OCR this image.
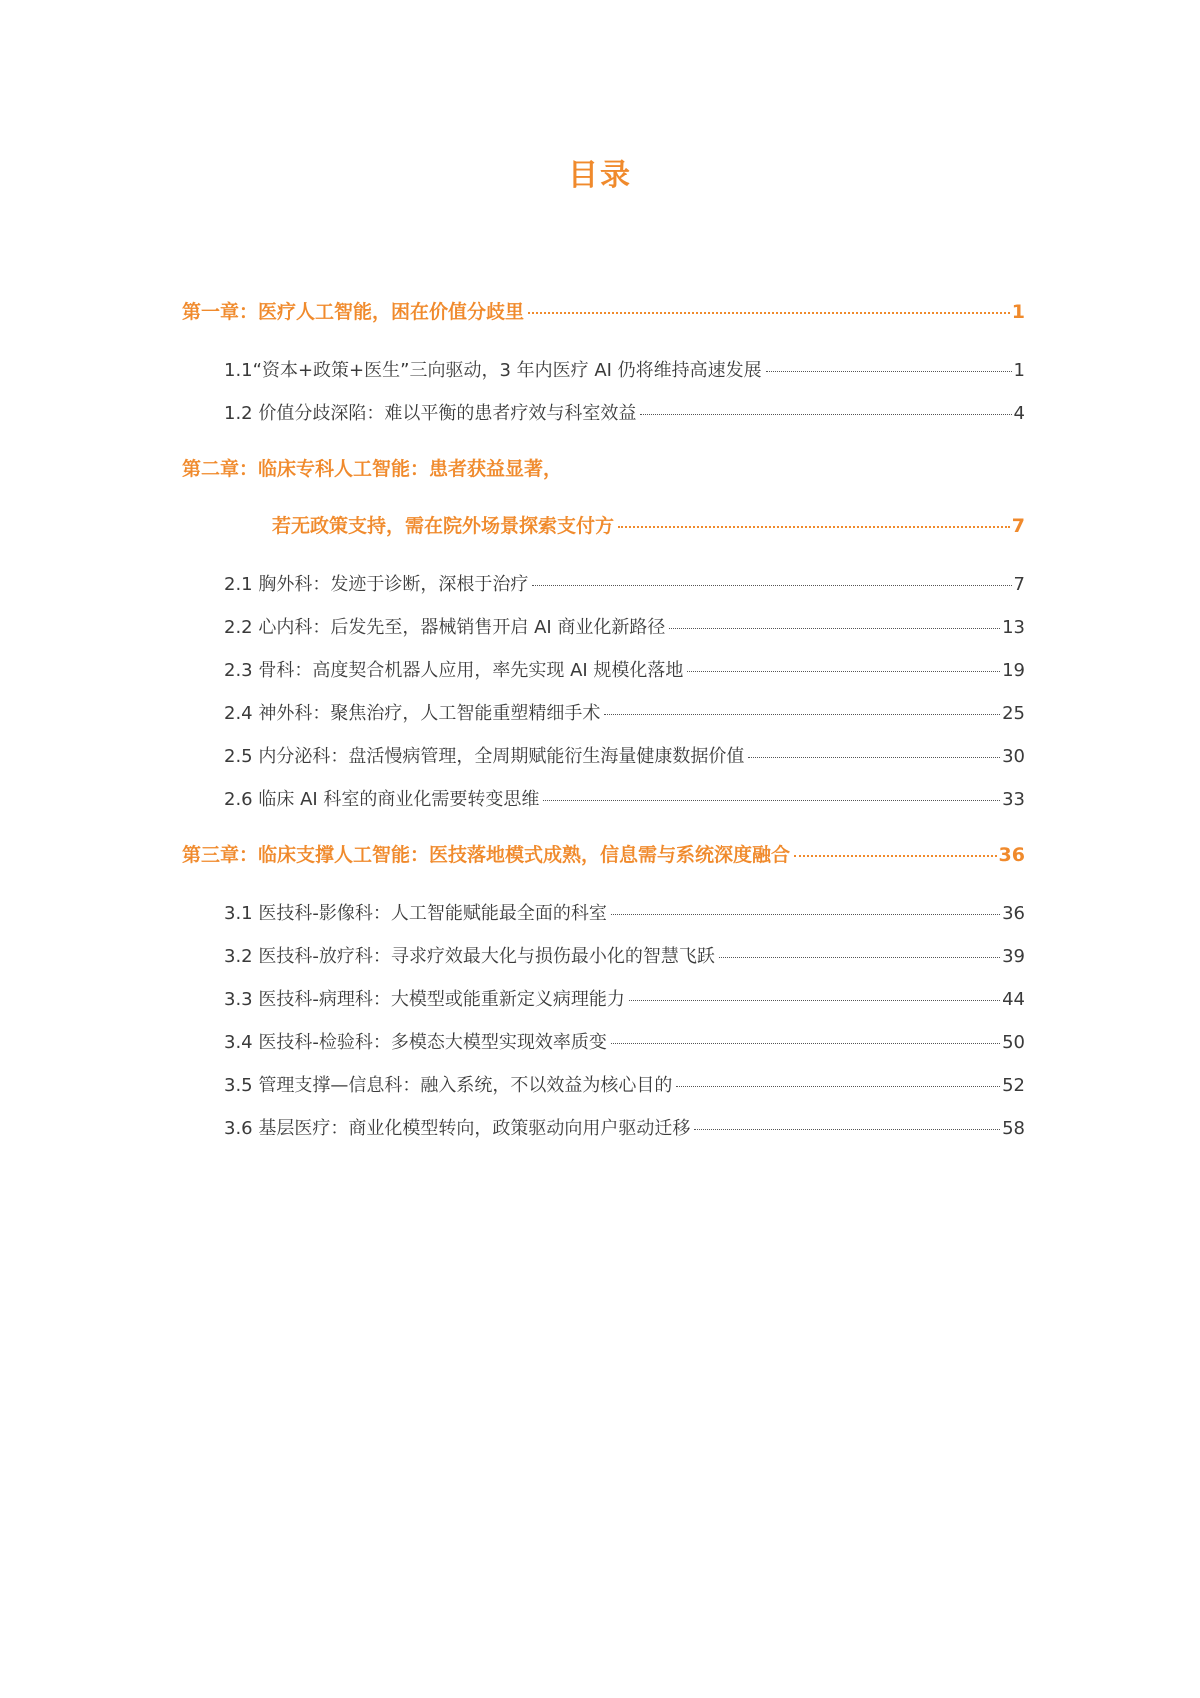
目录
第一章：医疗人工智能，困在价值分歧里	1
1.1“资本+政策+医生”三向驱动，3 年内医疗 AI 仍将维持高速发展	1
1.2 价值分歧深陷：难以平衡的患者疗效与科室效益	4
第二章：临床专科人工智能：患者获益显著，
若无政策支持，需在院外场景探索支付方	7
2.1 胸外科：发迹于诊断，深根于治疗	7
2.2 心内科：后发先至，器械销售开启 AI 商业化新路径	13
2.3 骨科：高度契合机器人应用，率先实现 AI 规模化落地	19
2.4 神外科：聚焦治疗，人工智能重塑精细手术	25
2.5 内分泌科：盘活慢病管理，全周期赋能衍生海量健康数据价值	30
2.6 临床 AI 科室的商业化需要转变思维	33
第三章：临床支撑人工智能：医技落地模式成熟，信息需与系统深度融合	36
3.1 医技科-影像科：人工智能赋能最全面的科室	36
3.2 医技科-放疗科：寻求疗效最大化与损伤最小化的智慧飞跃	39
3.3 医技科-病理科：大模型或能重新定义病理能力	44
3.4 医技科-检验科：多模态大模型实现效率质变	50
3.5 管理支撑—信息科：融入系统，不以效益为核心目的	52
3.6 基层医疗：商业化模型转向，政策驱动向用户驱动迁移	58
